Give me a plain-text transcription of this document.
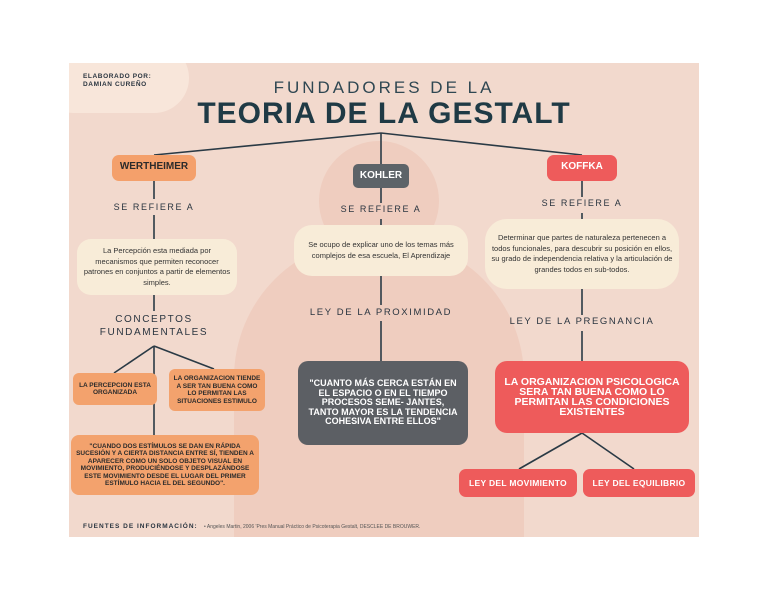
ELABORADO POR:
DAMIAN CUREÑO	FUNDADORES DE LA
TEORIA DE LA GESTALT
WERTHEIMER
KOHLER
KOFFKA
SE REFIERE A	SE REFIERE A
SE REFIERE A
La Percepción esta mediada por mecanismos que permiten reconocer patrones en conjuntos a partir de elementos simples.
Se ocupo de explicar uno de los temas más complejos de esa escuela, El Aprendizaje
Determinar que partes de naturaleza pertenecen a todos funcionales, para descubrir su posición en ellos, su grado de independencia relativa y la articulación de grandes todos en sub-todos.
CONCEPTOS
FUNDAMENTALES
LEY DE LA PROXIMIDAD
LEY DE LA PREGNANCIA
LA PERCEPCION ESTA ORGANIZADA
LA ORGANIZACION TIENDE A SER TAN BUENA COMO LO PERMITAN LAS SITUACIONES ESTIMULO
"CUANDO DOS ESTÍMULOS SE DAN EN RÁPIDA SUCESIÓN Y A CIERTA DISTANCIA ENTRE SÍ, TIENDEN A APARECER COMO UN SOLO OBJETO VISUAL EN MOVIMIENTO, PRODUCIÉNDOSE Y DESPLAZÁNDOSE ESTE MOVIMIENTO DESDE EL LUGAR DEL PRIMER ESTÍMULO HACIA EL DEL SEGUNDO".
"CUANTO MÁS CERCA ESTÁN EN EL ESPACIO O EN EL TIEMPO PROCESOS SEME- JANTES, TANTO MAYOR ES LA TENDENCIA COHESIVA ENTRE ELLOS"
LA ORGANIZACION PSICOLOGICA SERA TAN BUENA COMO LO PERMITAN LAS CONDICIONES EXISTENTES
LEY DEL MOVIMIENTO	LEY DEL EQUILIBRIO
FUENTES DE INFORMACIÓN: • Angeles Martin, 2006 'Pres Manual Práctico de Psicoterapia Gestalt, DESCLEE DE BROUWER.
